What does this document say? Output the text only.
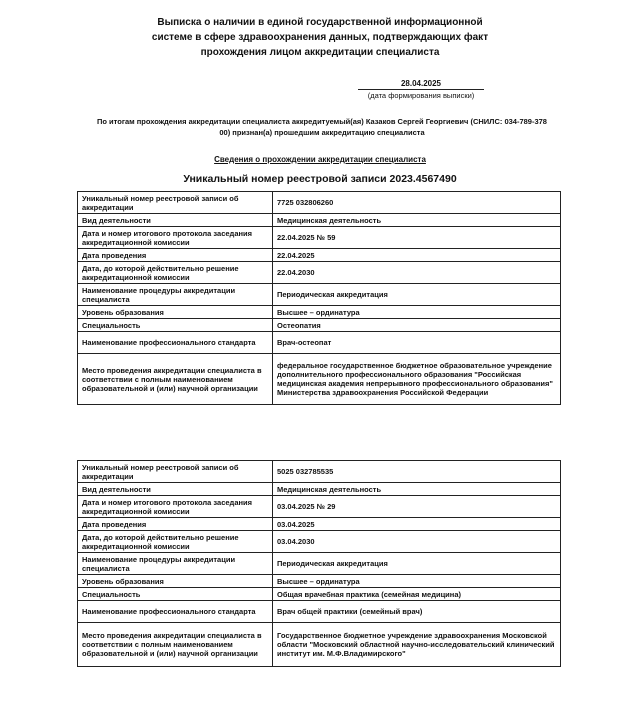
Выписка о наличии в единой государственной информационной
системе в сфере здравоохранения данных, подтверждающих факт
прохождения лицом аккредитации специалиста
28.04.2025
(дата формирования выписки)
По итогам прохождения аккредитации специалиста аккредитуемый(ая) Казаков Сергей Георгиевич (СНИЛС: 034-789-378
00) признан(а) прошедшим аккредитацию специалиста
Сведения о прохождении аккредитации специалиста
Уникальный номер реестровой записи 2023.4567490
Уникальный номер реестровой записи об аккредитации	7725 032806260
Вид деятельности	Медицинская деятельность
Дата и номер итогового протокола заседания аккредитационной комиссии	22.04.2025 № 59
Дата проведения	22.04.2025
Дата, до которой действительно решение аккредитационной комиссии	22.04.2030
Наименование процедуры аккредитации специалиста	Периодическая аккредитация
Уровень образования	Высшее – ординатура
Специальность	Остеопатия
Наименование профессионального стандарта	Врач-остеопат
Место проведения аккредитации специалиста в соответствии с полным наименованием образовательной и (или) научной организации	федеральное государственное бюджетное образовательное учреждение дополнительного профессионального образования "Российская медицинская академия непрерывного профессионального образования" Министерства здравоохранения Российской Федерации
Уникальный номер реестровой записи об аккредитации	5025 032785535
Вид деятельности	Медицинская деятельность
Дата и номер итогового протокола заседания аккредитационной комиссии	03.04.2025 № 29
Дата проведения	03.04.2025
Дата, до которой действительно решение аккредитационной комиссии	03.04.2030
Наименование процедуры аккредитации специалиста	Периодическая аккредитация
Уровень образования	Высшее – ординатура
Специальность	Общая врачебная практика (семейная медицина)
Наименование профессионального стандарта	Врач общей практики (семейный врач)
Место проведения аккредитации специалиста в соответствии с полным наименованием образовательной и (или) научной организации	Государственное бюджетное учреждение здравоохранения Московской области "Московский областной научно-исследовательский клинический институт им. М.Ф.Владимирского"
